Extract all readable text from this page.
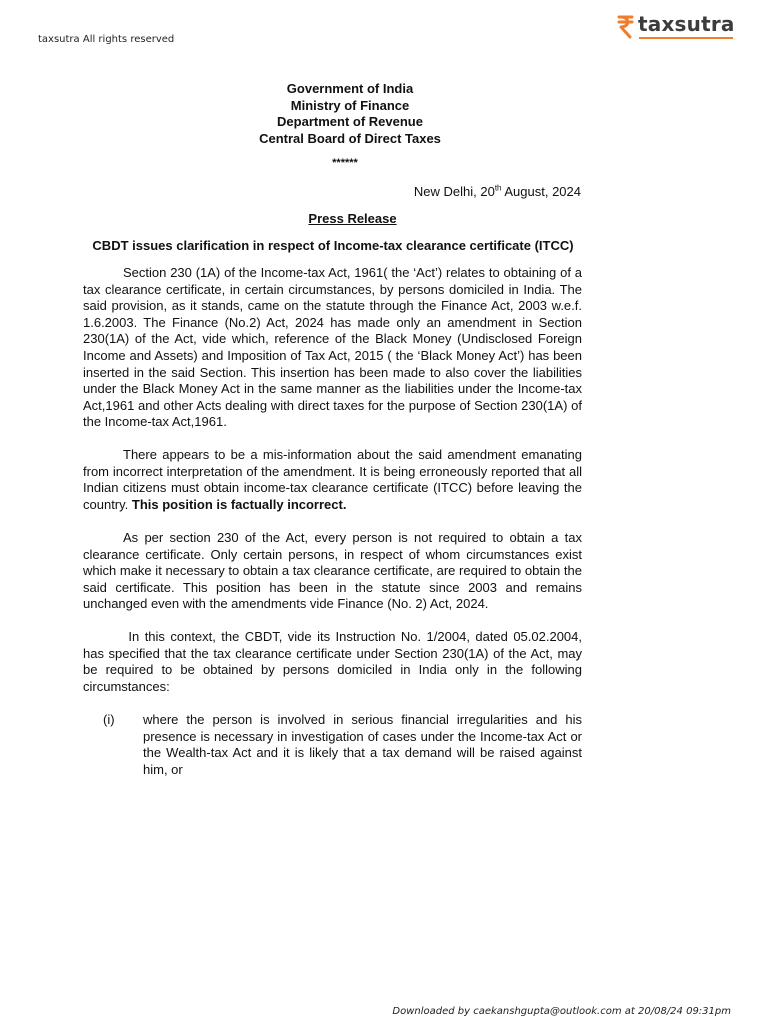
taxsutra All rights reserved
taxsutra
Government of India
Ministry of Finance
Department of Revenue
Central Board of Direct Taxes
******
New Delhi, 20th August, 2024
Press Release
CBDT issues clarification in respect of Income-tax clearance certificate (ITCC)
Section 230 (1A) of the Income-tax Act, 1961( the ‘Act’) relates to obtaining of a tax clearance certificate, in certain circumstances, by persons domiciled in India. The said provision, as it stands, came on the statute through the Finance Act, 2003 w.e.f. 1.6.2003. The Finance (No.2) Act, 2024 has made only an amendment in Section 230(1A) of the Act, vide which, reference of the Black Money (Undisclosed Foreign Income and Assets) and Imposition of Tax Act, 2015 ( the ‘Black Money Act’) has been inserted in the said Section. This insertion has been made to also cover the liabilities under the Black Money Act in the same manner as the liabilities under the Income-tax Act,1961 and other Acts dealing with direct taxes for the purpose of Section 230(1A) of the Income-tax Act,1961.
There appears to be a mis-information about the said amendment emanating from incorrect interpretation of the amendment. It is being erroneously reported that all Indian citizens must obtain income-tax clearance certificate (ITCC) before leaving the country. This position is factually incorrect.
As per section 230 of the Act, every person is not required to obtain a tax clearance certificate. Only certain persons, in respect of whom circumstances exist which make it necessary to obtain a tax clearance certificate, are required to obtain the said certificate. This position has been in the statute since 2003 and remains unchanged even with the amendments vide Finance (No. 2) Act, 2024.
In this context, the CBDT, vide its Instruction No. 1/2004, dated 05.02.2004, has specified that the tax clearance certificate under Section 230(1A) of the Act, may be required to be obtained by persons domiciled in India only in the following circumstances:
(i) where the person is involved in serious financial irregularities and his presence is necessary in investigation of cases under the Income-tax Act or the Wealth-tax Act and it is likely that a tax demand will be raised against him, or
Downloaded by caekanshgupta@outlook.com at 20/08/24 09:31pm
